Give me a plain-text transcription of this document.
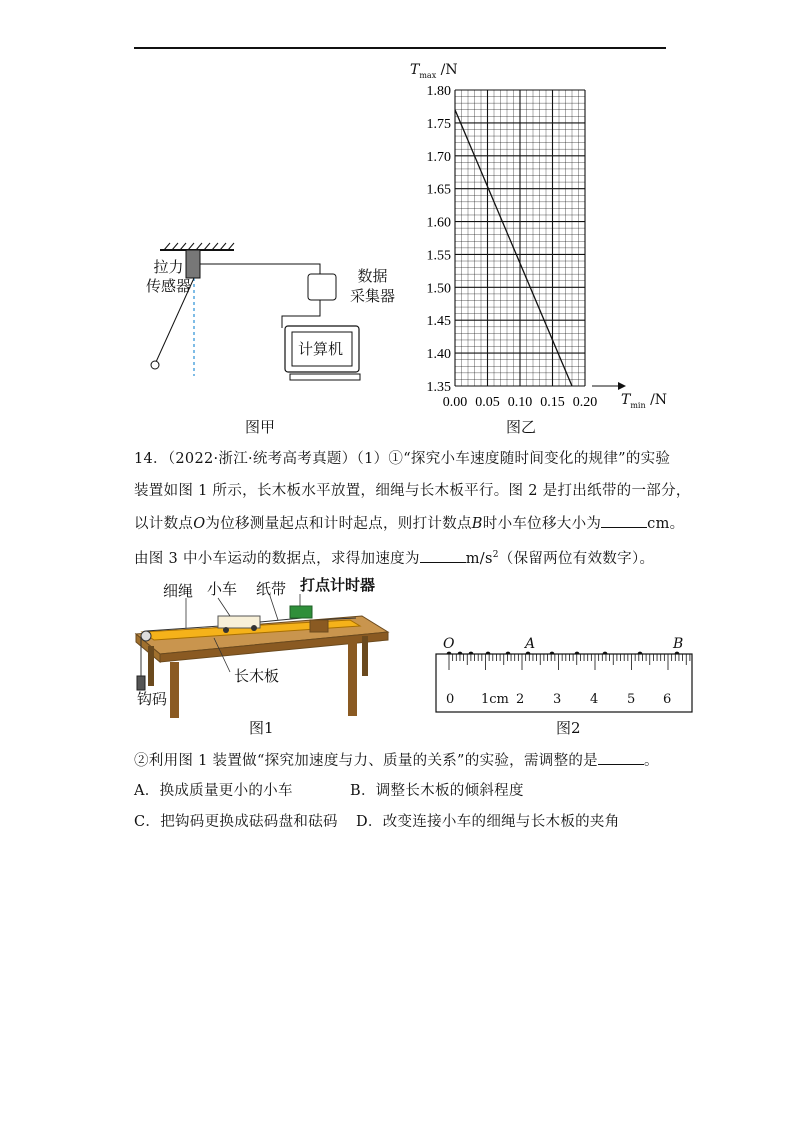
拉力
传感器
数据
采集器
计算机
图甲
1.80
1.75
1.70
1.65
1.60
1.55
1.50
1.45
1.40
1.35
0.00 0.05 0.10 0.15 0.20
$T_{max}$ /N
$T_{min}$ /N
图乙
14．（2022·浙江·统考高考真题）（1）①“探究小车速度随时间变化的规律”的实验
装置如图 1 所示，长木板水平放置，细绳与长木板平行。图 2 是打出纸带的一部分，
以计数点O为位移测量起点和计时起点，则打计数点B时小车位移大小为	cm。
由图 3 中小车运动的数据点，求得加速度为	$m/s^2$（保留两位有效数字）。
细绳 小车 纸带 打点计时器
长木板
钩码
图1
O	A	B
0 1cm 2 3 4 5 6
图2
②利用图 1 装置做“探究加速度与力、质量的关系”的实验，需调整的是	。
A．换成质量更小的小车	B．调整长木板的倾斜程度
C．把钩码更换成砝码盘和砝码 D．改变连接小车的细绳与长木板的夹角
